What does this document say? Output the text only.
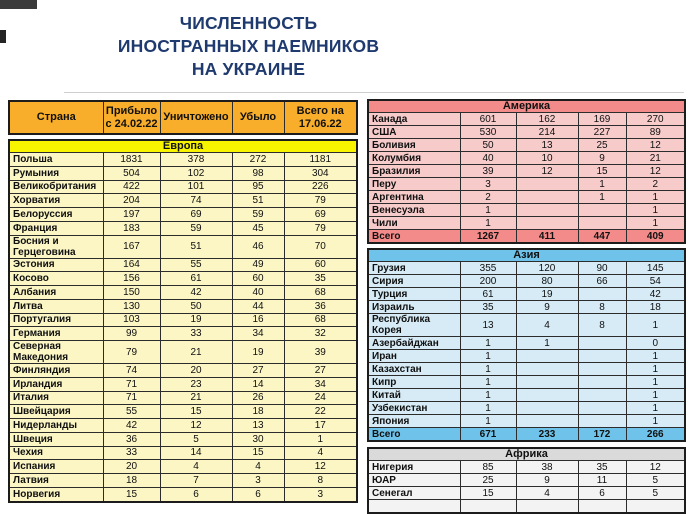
ЧИСЛЕННОСТЬ
ИНОСТРАННЫХ НАЕМНИКОВ
НА УКРАИНЕ
Страна	Прибыло с 24.02.22	Уничтожено	Убыло	Всего на 17.06.22
Европа				
Польша	1831	378	272	1181
Румыния	504	102	98	304
Великобритания	422	101	95	226
Хорватия	204	74	51	79
Белоруссия	197	69	59	69
Франция	183	59	45	79
Босния и Герцеговина	167	51	46	70
Эстония	164	55	49	60
Косово	156	61	60	35
Албания	150	42	40	68
Литва	130	50	44	36
Португалия	103	19	16	68
Германия	99	33	34	32
Северная Македония	79	21	19	39
Финляндия	74	20	27	27
Ирландия	71	23	14	34
Италия	71	21	26	24
Швейцария	55	15	18	22
Нидерланды	42	12	13	17
Швеция	36	5	30	1
Чехия	33	14	15	4
Испания	20	4	4	12
Латвия	18	7	3	8
Норвегия	15	6	6	3
Америка				
Канада	601	162	169	270
США	530	214	227	89
Боливия	50	13	25	12
Колумбия	40	10	9	21
Бразилия	39	12	15	12
Перу	3		1	2
Аргентина	2		1	1
Венесуэла	1			1
Чили	1			1
Всего	1267	411	447	409
Азия				
Грузия	355	120	90	145
Сирия	200	80	66	54
Турция	61	19		42
Израиль	35	9	8	18
Республика Корея	13	4	8	1
Азербайджан	1	1		0
Иран	1			1
Казахстан	1			1
Кипр	1			1
Китай	1			1
Узбекистан	1			1
Япония	1			1
Всего	671	233	172	266
Африка				
Нигерия	85	38	35	12
ЮАР	25	9	11	5
Сенегал	15	4	6	5
